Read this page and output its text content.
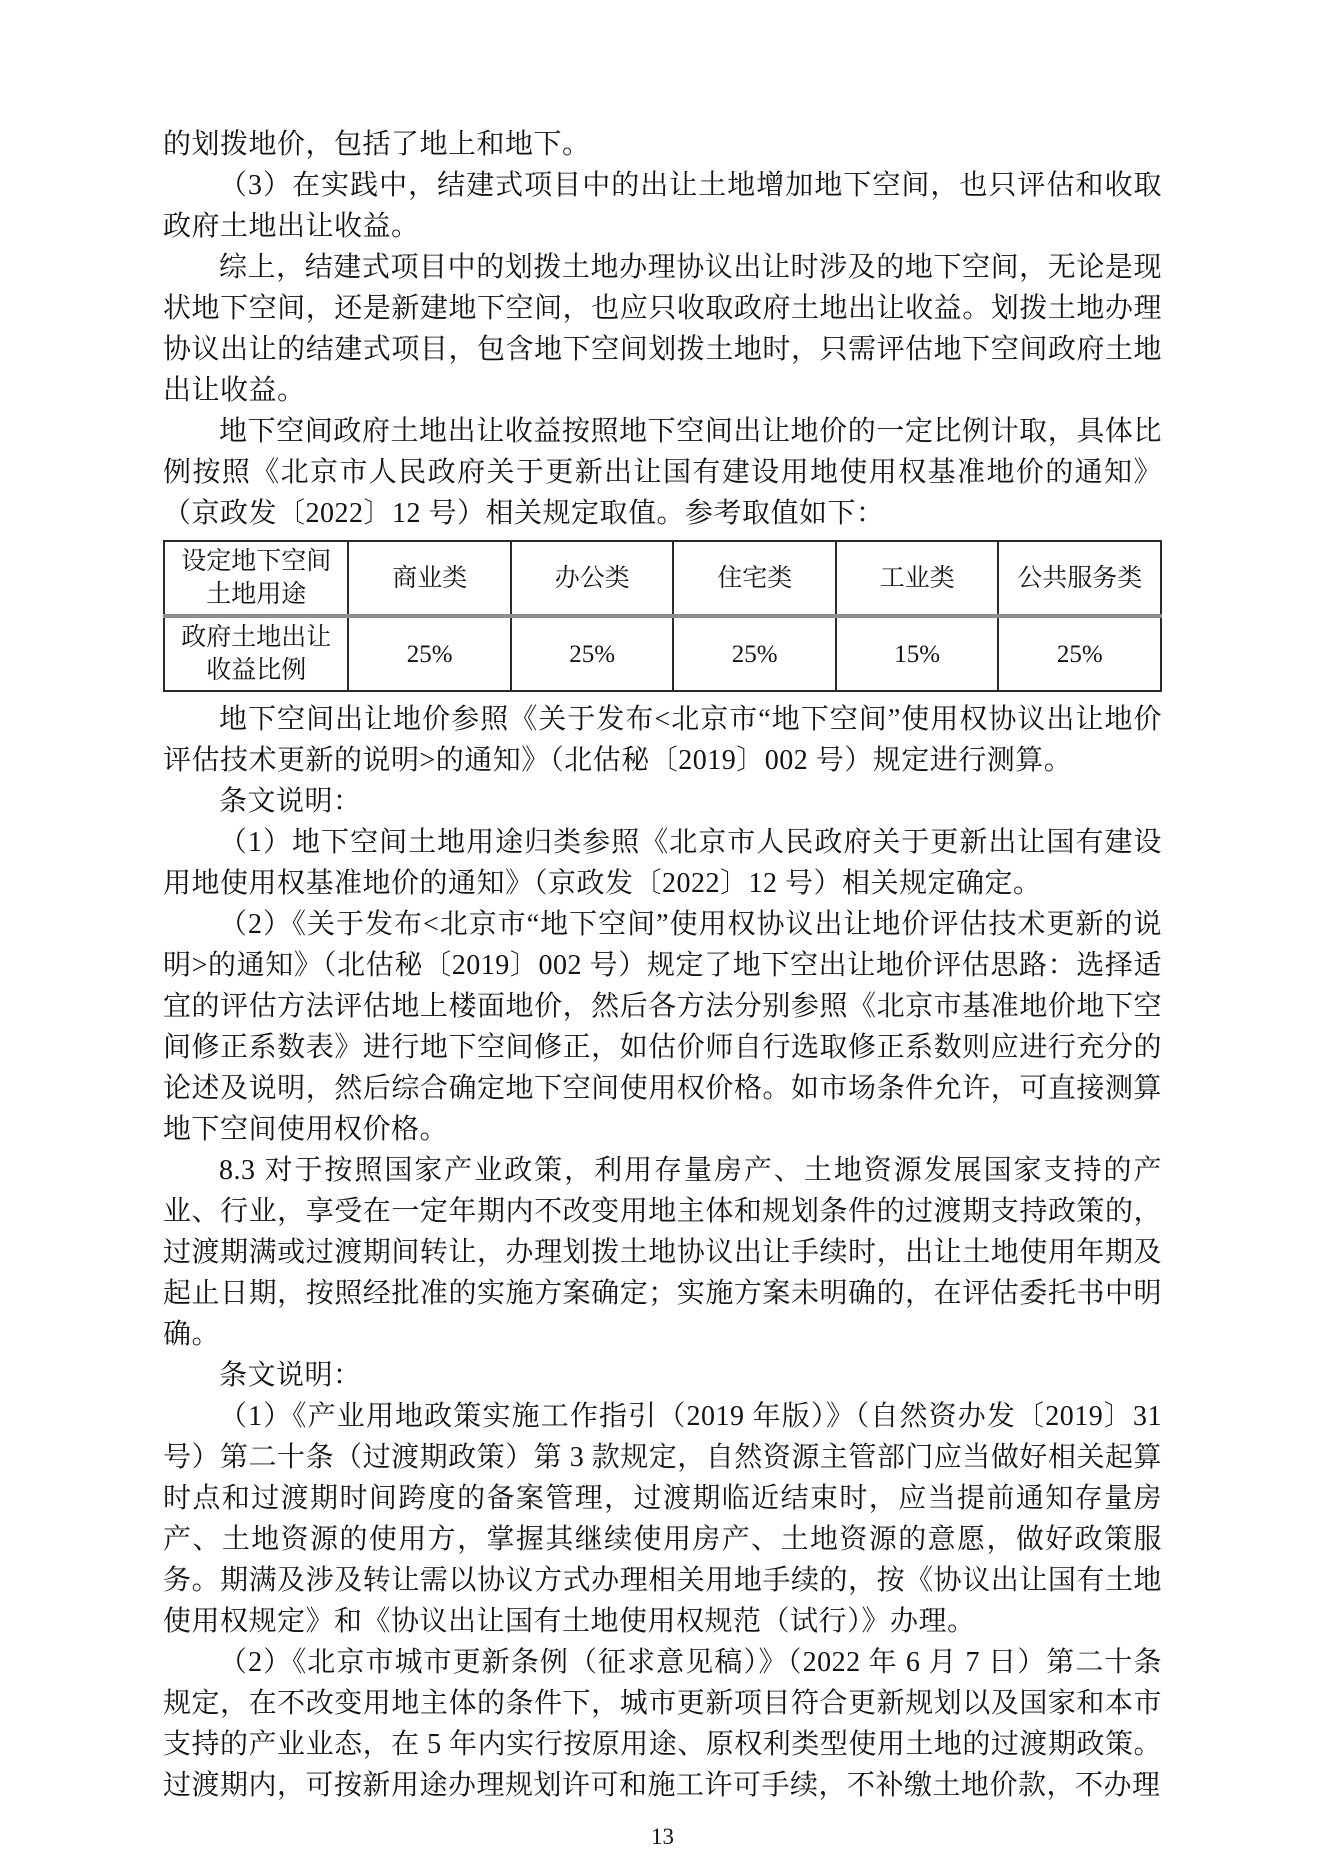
的划拨地价，包括了地上和地下。

（3）在实践中，结建式项目中的出让土地增加地下空间，也只评估和收取政府土地出让收益。

综上，结建式项目中的划拨土地办理协议出让时涉及的地下空间，无论是现状地下空间，还是新建地下空间，也应只收取政府土地出让收益。划拨土地办理协议出让的结建式项目，包含地下空间划拨土地时，只需评估地下空间政府土地出让收益。

地下空间政府土地出让收益按照地下空间出让地价的一定比例计取，具体比例按照《北京市人民政府关于更新出让国有建设用地使用权基准地价的通知》（京政发〔2022〕12 号）相关规定取值。参考取值如下：

设定地下空间土地用途	商业类	办公类	住宅类	工业类	公共服务类
政府土地出让收益比例	25%	25%	25%	15%	25%

地下空间出让地价参照《关于发布<北京市“地下空间”使用权协议出让地价评估技术更新的说明>的通知》（北估秘〔2019〕002 号）规定进行测算。

条文说明：

（1）地下空间土地用途归类参照《北京市人民政府关于更新出让国有建设用地使用权基准地价的通知》（京政发〔2022〕12 号）相关规定确定。

（2）《关于发布<北京市“地下空间”使用权协议出让地价评估技术更新的说明>的通知》（北估秘〔2019〕002 号）规定了地下空出让地价评估思路：选择适宜的评估方法评估地上楼面地价，然后各方法分别参照《北京市基准地价地下空间修正系数表》进行地下空间修正，如估价师自行选取修正系数则应进行充分的论述及说明，然后综合确定地下空间使用权价格。如市场条件允许，可直接测算地下空间使用权价格。

8.3 对于按照国家产业政策，利用存量房产、土地资源发展国家支持的产业、行业，享受在一定年期内不改变用地主体和规划条件的过渡期支持政策的，过渡期满或过渡期间转让，办理划拨土地协议出让手续时，出让土地使用年期及起止日期，按照经批准的实施方案确定；实施方案未明确的，在评估委托书中明确。

条文说明：

（1）《产业用地政策实施工作指引（2019 年版）》（自然资办发〔2019〕31 号）第二十条（过渡期政策）第 3 款规定，自然资源主管部门应当做好相关起算时点和过渡期时间跨度的备案管理，过渡期临近结束时，应当提前通知存量房产、土地资源的使用方，掌握其继续使用房产、土地资源的意愿，做好政策服务。期满及涉及转让需以协议方式办理相关用地手续的，按《协议出让国有土地使用权规定》和《协议出让国有土地使用权规范（试行）》办理。

（2）《北京市城市更新条例（征求意见稿）》（2022 年 6 月 7 日）第二十条规定，在不改变用地主体的条件下，城市更新项目符合更新规划以及国家和本市支持的产业业态，在 5 年内实行按原用途、原权利类型使用土地的过渡期政策。过渡期内，可按新用途办理规划许可和施工许可手续，不补缴土地价款，不办理

13
